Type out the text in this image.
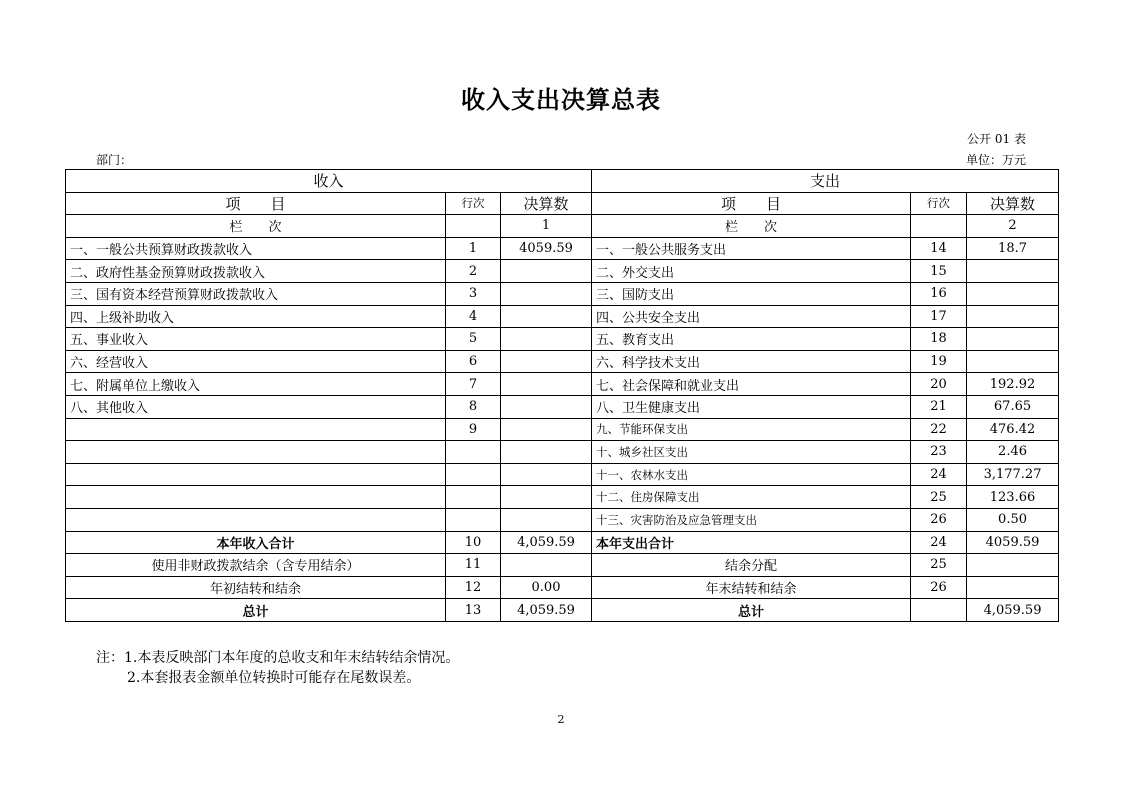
收入支出决算总表
公开 01 表
部门：	单位：万元
收入			支出		
项　　目	行次	决算数	项　　目	行次	决算数
栏　　次		1	栏　　次		2
一、一般公共预算财政拨款收入	1	4059.59	一、一般公共服务支出	14	18.7
二、政府性基金预算财政拨款收入	2		二、外交支出	15	
三、国有资本经营预算财政拨款收入	3		三、国防支出	16	
四、上级补助收入	4		四、公共安全支出	17	
五、事业收入	5		五、教育支出	18	
六、经营收入	6		六、科学技术支出	19	
七、附属单位上缴收入	7		七、社会保障和就业支出	20	192.92
八、其他收入	8		八、卫生健康支出	21	67.65
	9		九、节能环保支出	22	476.42
			十、城乡社区支出	23	2.46
			十一、农林水支出	24	3,177.27
			十二、住房保障支出	25	123.66
			十三、灾害防治及应急管理支出	26	0.50
本年收入合计	10	4,059.59	本年支出合计	24	4059.59
使用非财政拨款结余（含专用结余）	11		结余分配	25	
年初结转和结余	12	0.00	年末结转和结余	26	
总计	13	4,059.59	总计		4,059.59
注：1.本表反映部门本年度的总收支和年末结转结余情况。
2.本套报表金额单位转换时可能存在尾数误差。
2
